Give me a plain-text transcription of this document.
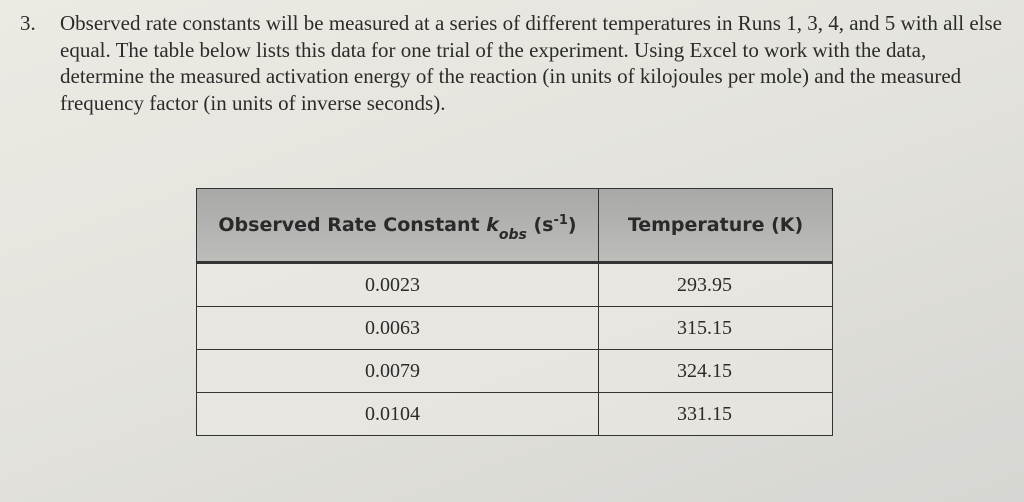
3. Observed rate constants will be measured at a series of different temperatures in Runs 1, 3, 4, and 5 with all else equal. The table below lists this data for one trial of the experiment. Using Excel to work with the data, determine the measured activation energy of the reaction (in units of kilojoules per mole) and the measured frequency factor (in units of inverse seconds).
Observed Rate Constant $k_{obs}$ $(s^{-1})$	Temperature (K)
0.0023	293.95
0.0063	315.15
0.0079	324.15
0.0104	331.15
